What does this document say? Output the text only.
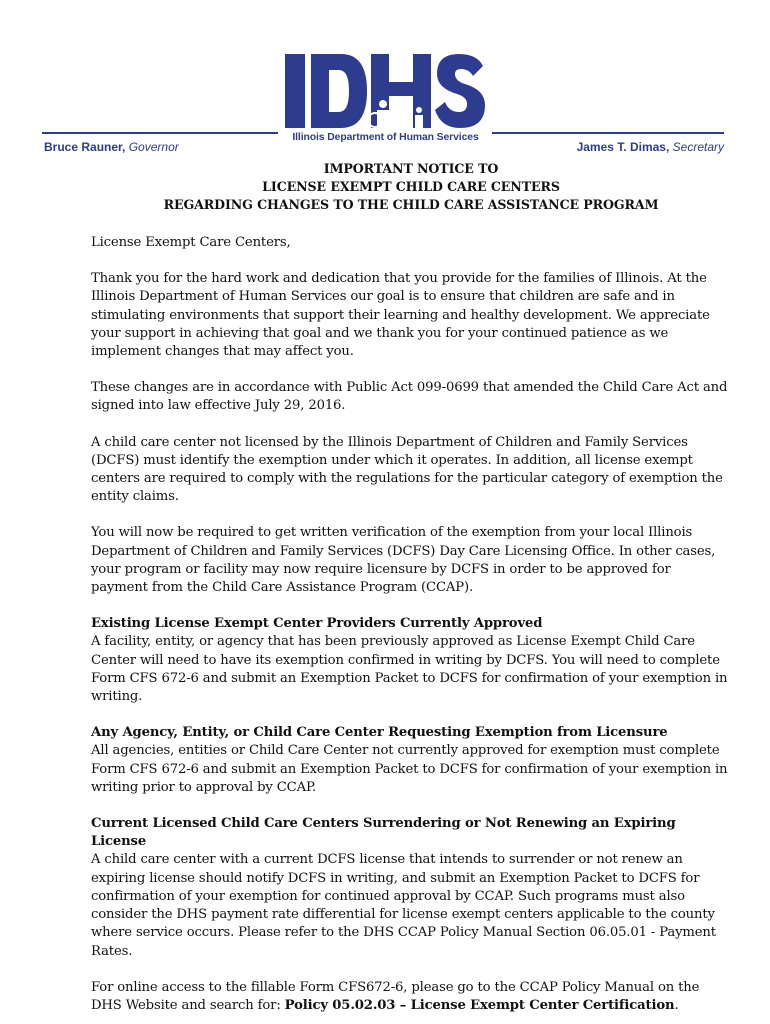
Illinois Department of Human Services
Bruce Rauner, Governor	James T. Dimas, Secretary
IMPORTANT NOTICE TO
LICENSE EXEMPT CHILD CARE CENTERS
REGARDING CHANGES TO THE CHILD CARE ASSISTANCE PROGRAM

License Exempt Care Centers,

Thank you for the hard work and dedication that you provide for the families of Illinois. At the Illinois Department of Human Services our goal is to ensure that children are safe and in stimulating environments that support their learning and healthy development. We appreciate your support in achieving that goal and we thank you for your continued patience as we implement changes that may affect you.

These changes are in accordance with Public Act 099-0699 that amended the Child Care Act and signed into law effective July 29, 2016.

A child care center not licensed by the Illinois Department of Children and Family Services (DCFS) must identify the exemption under which it operates. In addition, all license exempt centers are required to comply with the regulations for the particular category of exemption the entity claims.

You will now be required to get written verification of the exemption from your local Illinois Department of Children and Family Services (DCFS) Day Care Licensing Office. In other cases, your program or facility may now require licensure by DCFS in order to be approved for payment from the Child Care Assistance Program (CCAP).

Existing License Exempt Center Providers Currently Approved
A facility, entity, or agency that has been previously approved as License Exempt Child Care Center will need to have its exemption confirmed in writing by DCFS. You will need to complete Form CFS 672-6 and submit an Exemption Packet to DCFS for confirmation of your exemption in writing.
Any Agency, Entity, or Child Care Center Requesting Exemption from Licensure
All agencies, entities or Child Care Center not currently approved for exemption must complete Form CFS 672-6 and submit an Exemption Packet to DCFS for confirmation of your exemption in writing prior to approval by CCAP.
Current Licensed Child Care Centers Surrendering or Not Renewing an Expiring License
A child care center with a current DCFS license that intends to surrender or not renew an expiring license should notify DCFS in writing, and submit an Exemption Packet to DCFS for confirmation of your exemption for continued approval by CCAP. Such programs must also consider the DHS payment rate differential for license exempt centers applicable to the county where service occurs. Please refer to the DHS CCAP Policy Manual Section 06.05.01 - Payment Rates.

For online access to the fillable Form CFS672-6, please go to the CCAP Policy Manual on the DHS Website and search for: Policy 05.02.03 – License Exempt Center Certification.
